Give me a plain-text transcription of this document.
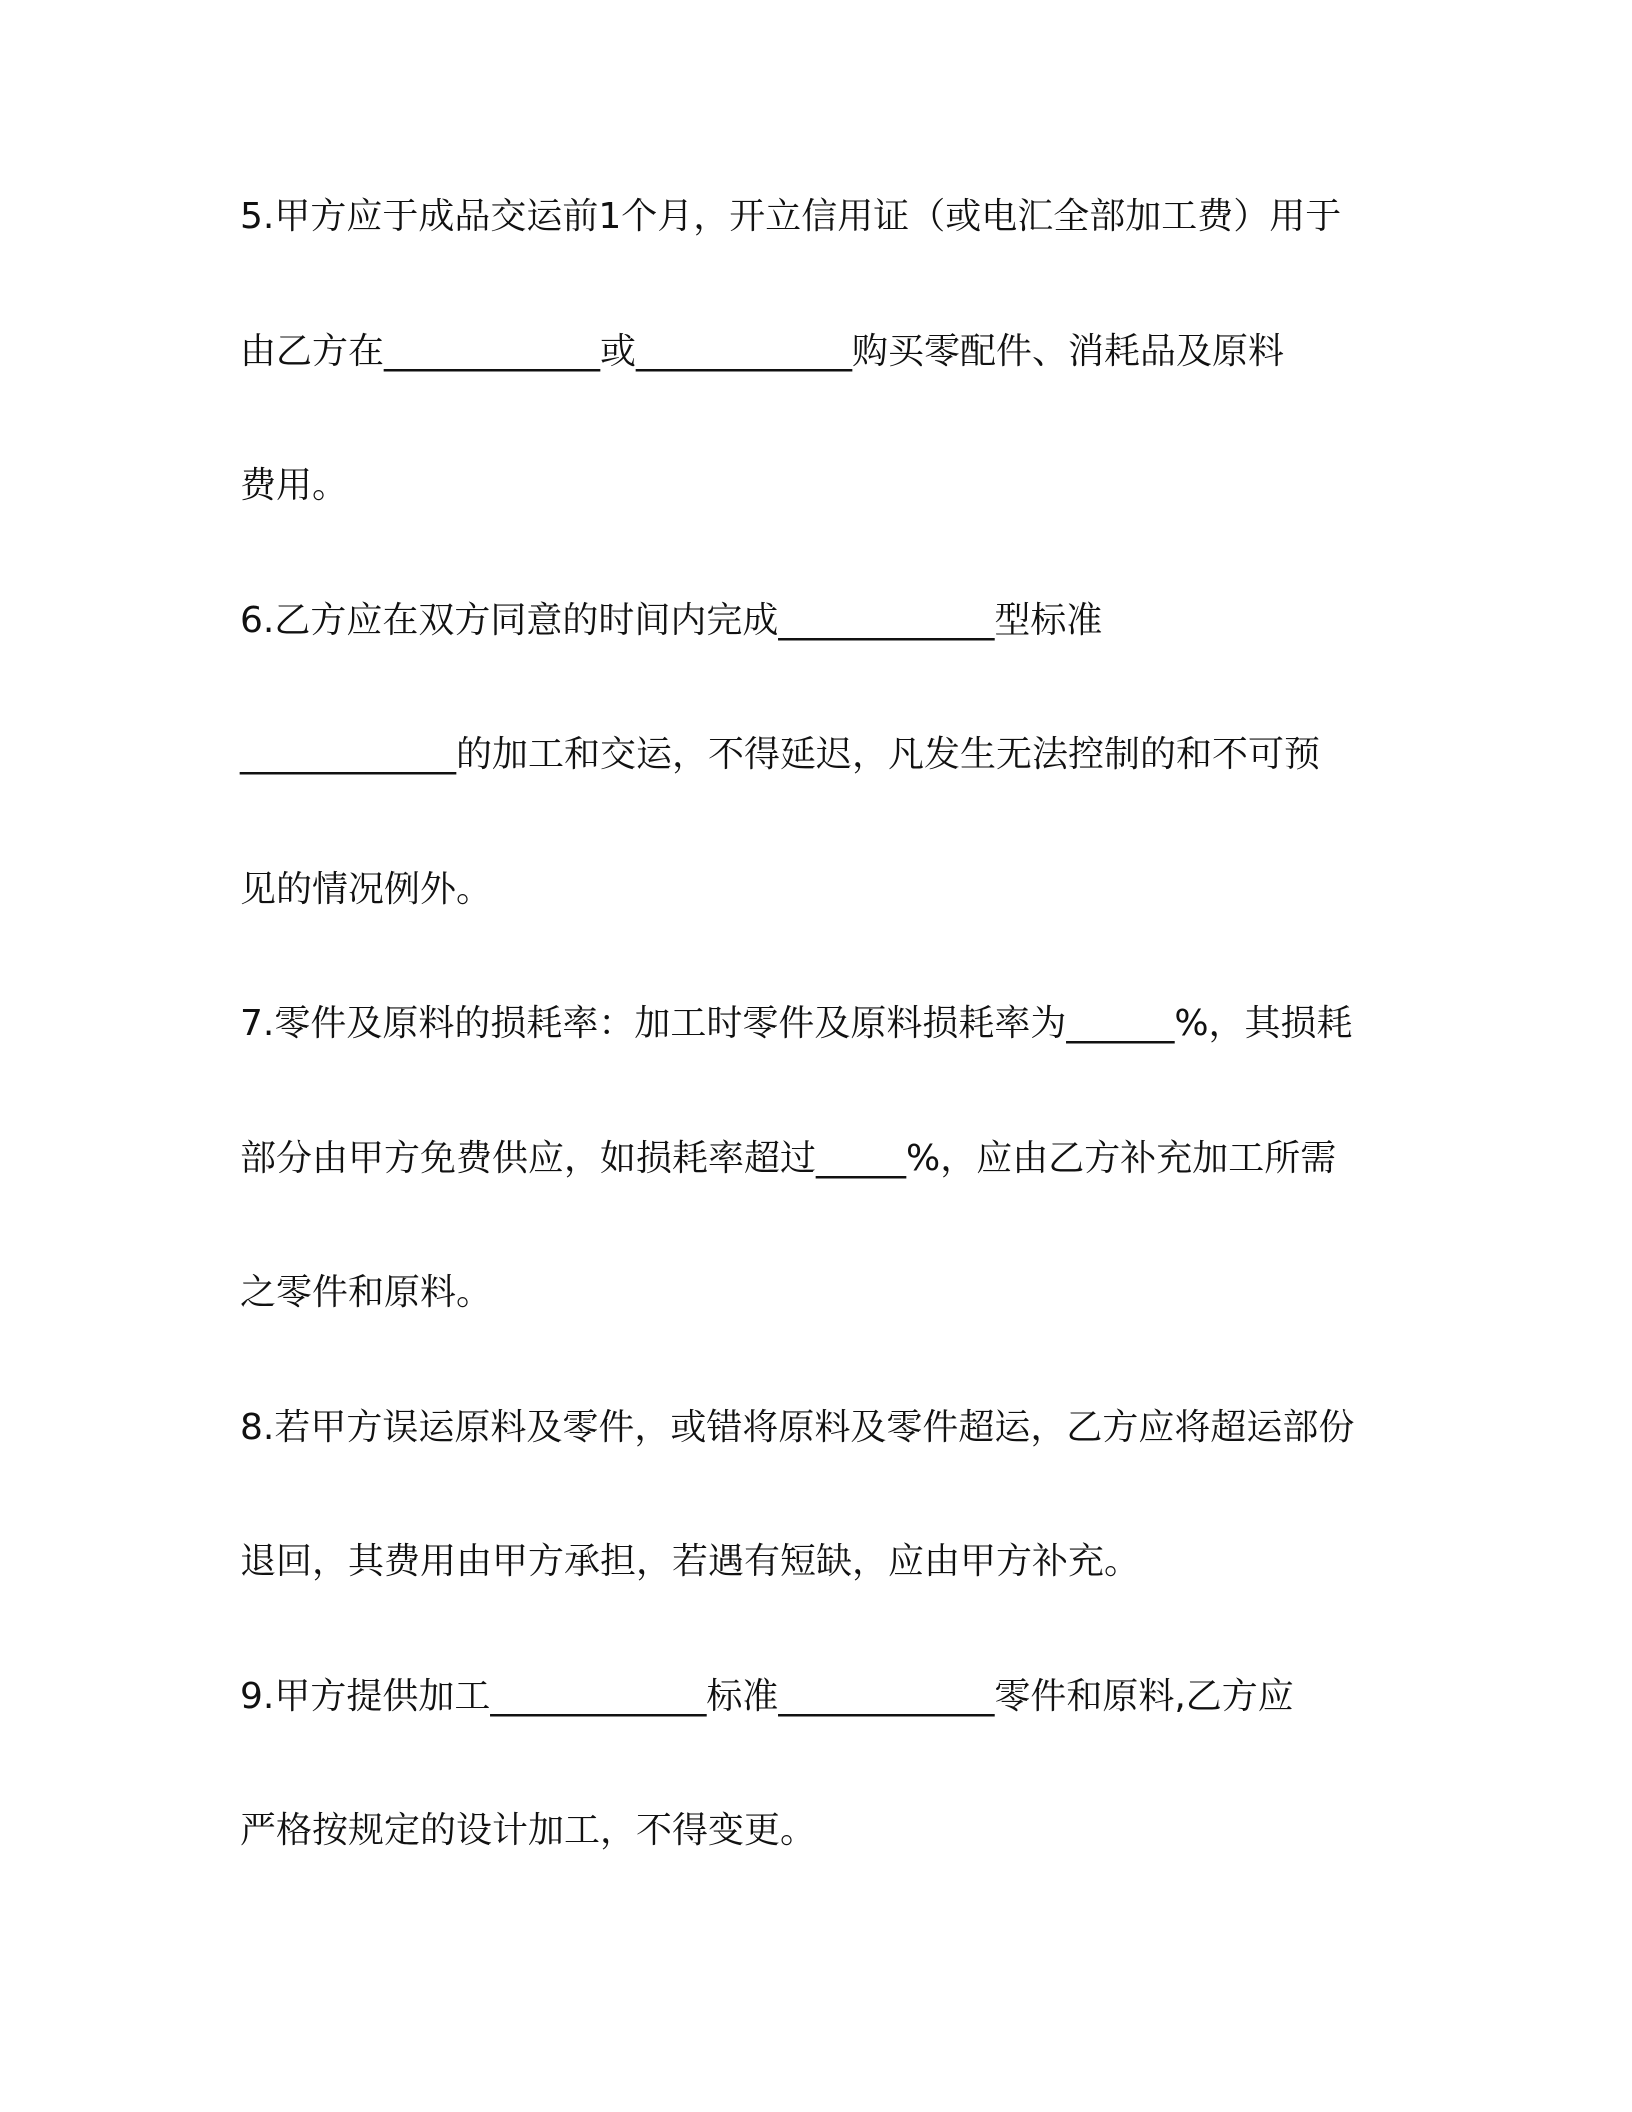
5.甲方应于成品交运前1个月，开立信用证（或电汇全部加工费）用于
由乙方在____________或____________购买零配件、消耗品及原料
费用。
6.乙方应在双方同意的时间内完成____________型标准
____________的加工和交运，不得延迟，凡发生无法控制的和不可预
见的情况例外。
7.零件及原料的损耗率：加工时零件及原料损耗率为______%，其损耗
部分由甲方免费供应，如损耗率超过_____%，应由乙方补充加工所需
之零件和原料。
8.若甲方误运原料及零件，或错将原料及零件超运，乙方应将超运部份
退回，其费用由甲方承担，若遇有短缺，应由甲方补充。
9.甲方提供加工____________标准____________零件和原料,乙方应
严格按规定的设计加工，不得变更。
